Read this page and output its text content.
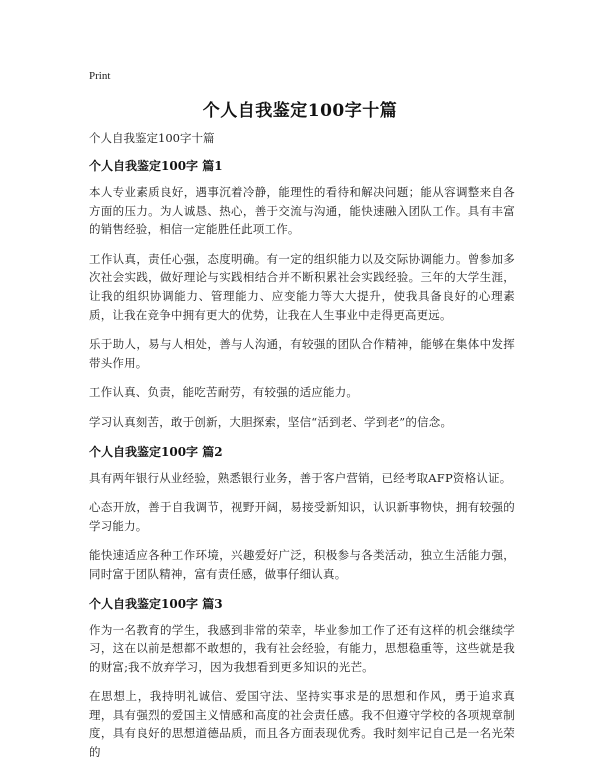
Print
个人自我鉴定100字十篇
个人自我鉴定100字十篇
个人自我鉴定100字 篇1

本人专业素质良好，遇事沉着冷静，能理性的看待和解决问题；能从容调整来自各方面的压力。为人诚恳、热心，善于交流与沟通，能快速融入团队工作。具有丰富的销售经验，相信一定能胜任此项工作。

工作认真，责任心强，态度明确。有一定的组织能力以及交际协调能力。曾参加多次社会实践，做好理论与实践相结合并不断积累社会实践经验。三年的大学生涯，让我的组织协调能力、管理能力、应变能力等大大提升，使我具备良好的心理素质，让我在竞争中拥有更大的优势，让我在人生事业中走得更高更远。

乐于助人，易与人相处，善与人沟通，有较强的团队合作精神，能够在集体中发挥带头作用。

工作认真、负责，能吃苦耐劳，有较强的适应能力。

学习认真刻苦，敢于创新，大胆探索，坚信“活到老、学到老”的信念。

个人自我鉴定100字 篇2

具有两年银行从业经验，熟悉银行业务，善于客户营销，已经考取AFP资格认证。

心态开放，善于自我调节，视野开阔，易接受新知识，认识新事物快，拥有较强的学习能力。

能快速适应各种工作环境，兴趣爱好广泛，积极参与各类活动，独立生活能力强，同时富于团队精神，富有责任感，做事仔细认真。

个人自我鉴定100字 篇3

作为一名教育的学生，我感到非常的荣幸，毕业参加工作了还有这样的机会继续学习，这在以前是想都不敢想的，我有社会经验，有能力，思想稳重等，这些就是我的财富;我不放弃学习，因为我想看到更多知识的光芒。

在思想上，我持明礼诚信、爱国守法、坚持实事求是的思想和作风，勇于追求真理，具有强烈的爱国主义情感和高度的社会责任感。我不但遵守学校的各项规章制度，具有良好的思想道德品质，而且各方面表现优秀。我时刻牢记自己是一名光荣的
